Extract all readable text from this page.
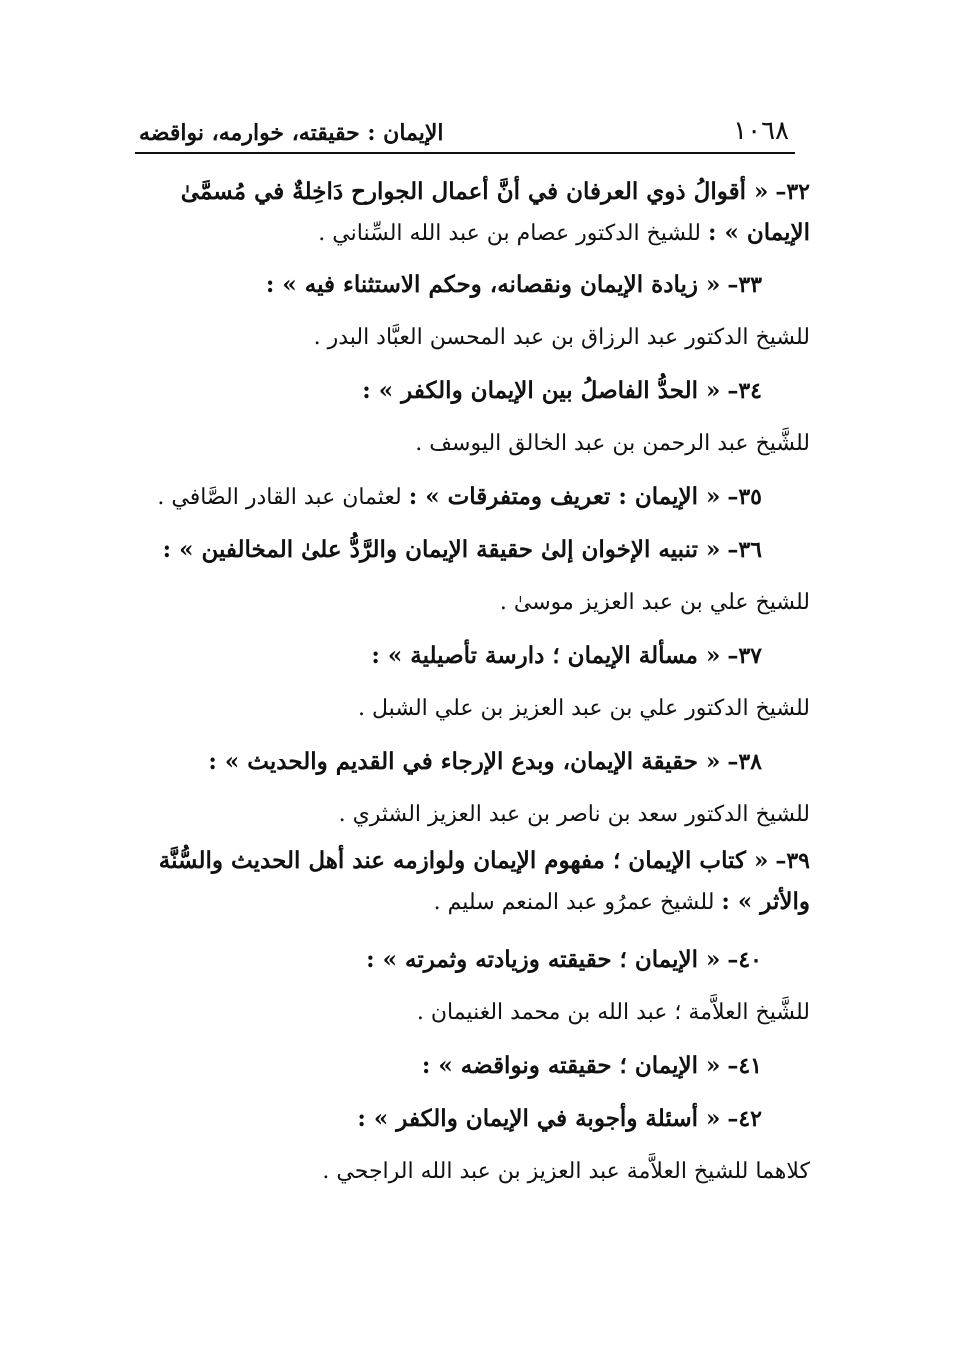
١٠٦٨
الإيمان : حقيقته، خوارمه، نواقضه
٣٢– « أقوالُ ذوي العرفان في أنَّ أعمال الجوارح دَاخِلةٌ في مُسمَّىٰ الإيمان » : للشيخ الدكتور عصام بن عبد الله السِّناني .
٣٣– « زيادة الإيمان ونقصانه، وحكم الاستثناء فيه » :
للشيخ الدكتور عبد الرزاق بن عبد المحسن العبَّاد البدر .
٣٤– « الحدُّ الفاصلُ بين الإيمان والكفر » :
للشَّيخ عبد الرحمن بن عبد الخالق اليوسف .
٣٥– « الإيمان : تعريف ومتفرقات » : لعثمان عبد القادر الصَّافي .
٣٦– « تنبيه الإخوان إلىٰ حقيقة الإيمان والرَّدُّ علىٰ المخالفين » :
للشيخ علي بن عبد العزيز موسىٰ .
٣٧– « مسألة الإيمان ؛ دارسة تأصيلية » :
للشيخ الدكتور علي بن عبد العزيز بن علي الشبل .
٣٨– « حقيقة الإيمان، وبدع الإرجاء في القديم والحديث » :
للشيخ الدكتور سعد بن ناصر بن عبد العزيز الشثري .
٣٩– « كتاب الإيمان ؛ مفهوم الإيمان ولوازمه عند أهل الحديث والسُّنَّة والأثر » : للشيخ عمرُو عبد المنعم سليم .
٤٠– « الإيمان ؛ حقيقته وزيادته وثمرته » :
للشَّيخ العلاَّمة ؛ عبد الله بن محمد الغنيمان .
٤١– « الإيمان ؛ حقيقته ونواقضه » :
٤٢– « أسئلة وأجوبة في الإيمان والكفر » :
كلاهما للشيخ العلاَّمة عبد العزيز بن عبد الله الراجحي .
